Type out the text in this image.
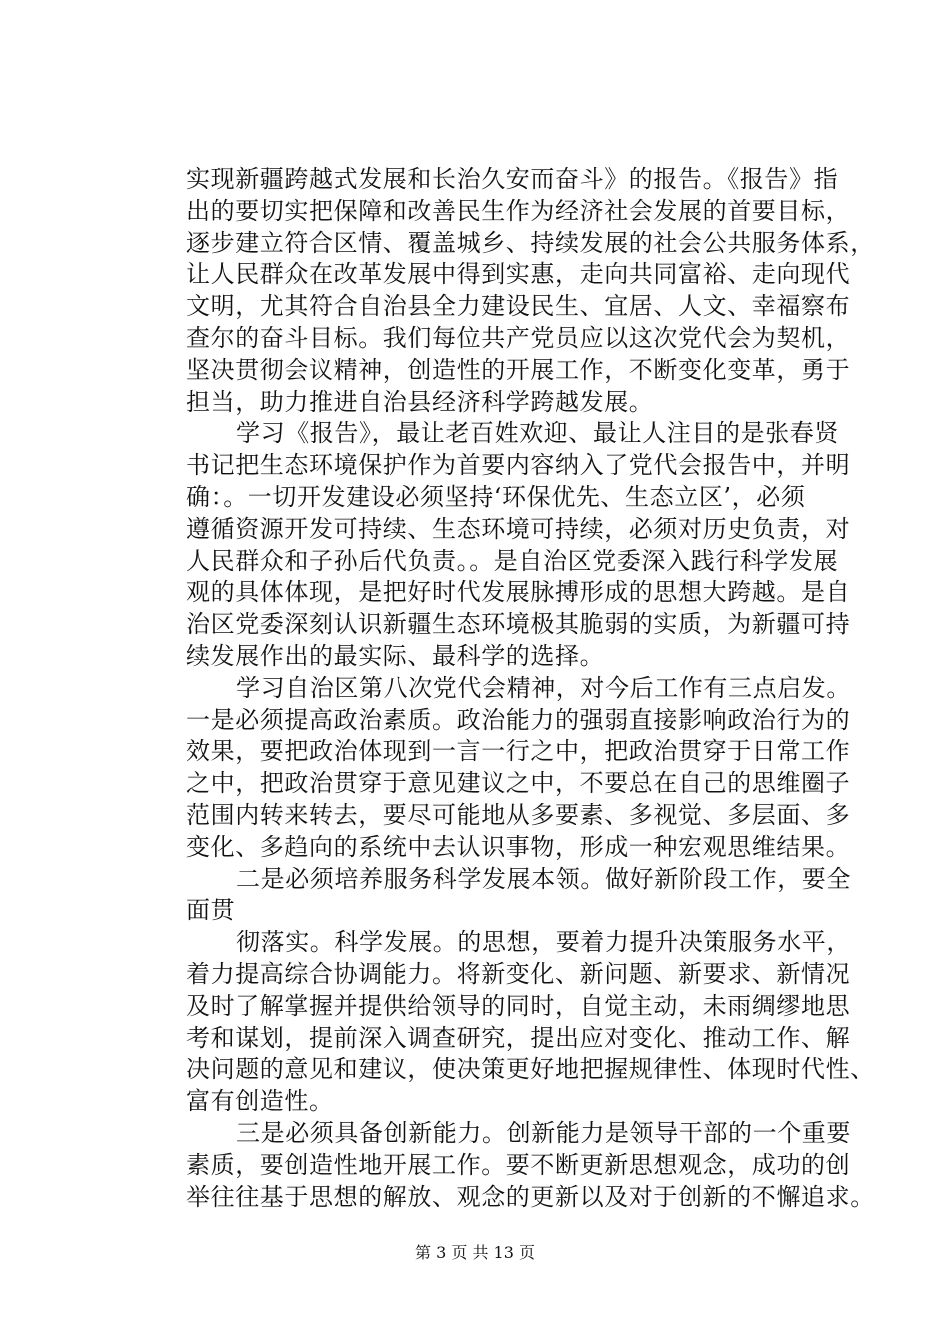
实现新疆跨越式发展和长治久安而奋斗》的报告。《报告》指
出的要切实把保障和改善民生作为经济社会发展的首要目标，
逐步建立符合区情、覆盖城乡、持续发展的社会公共服务体系，
让人民群众在改革发展中得到实惠，走向共同富裕、走向现代
文明，尤其符合自治县全力建设民生、宜居、人文、幸福察布
查尔的奋斗目标。我们每位共产党员应以这次党代会为契机，
坚决贯彻会议精神，创造性的开展工作，不断变化变革，勇于
担当，助力推进自治县经济科学跨越发展。
学习《报告》，最让老百姓欢迎、最让人注目的是张春贤
书记把生态环境保护作为首要内容纳入了党代会报告中，并明
确：。一切开发建设必须坚持‘环保优先、生态立区’，必须
遵循资源开发可持续、生态环境可持续，必须对历史负责，对
人民群众和子孙后代负责。。是自治区党委深入践行科学发展
观的具体体现，是把好时代发展脉搏形成的思想大跨越。是自
治区党委深刻认识新疆生态环境极其脆弱的实质，为新疆可持
续发展作出的最实际、最科学的选择。
学习自治区第八次党代会精神，对今后工作有三点启发。
一是必须提高政治素质。政治能力的强弱直接影响政治行为的
效果，要把政治体现到一言一行之中，把政治贯穿于日常工作
之中，把政治贯穿于意见建议之中，不要总在自己的思维圈子
范围内转来转去，要尽可能地从多要素、多视觉、多层面、多
变化、多趋向的系统中去认识事物，形成一种宏观思维结果。
二是必须培养服务科学发展本领。做好新阶段工作，要全
面贯
彻落实。科学发展。的思想，要着力提升决策服务水平，
着力提高综合协调能力。将新变化、新问题、新要求、新情况
及时了解掌握并提供给领导的同时，自觉主动，未雨绸缪地思
考和谋划，提前深入调查研究，提出应对变化、推动工作、解
决问题的意见和建议，使决策更好地把握规律性、体现时代性、
富有创造性。
三是必须具备创新能力。创新能力是领导干部的一个重要
素质，要创造性地开展工作。要不断更新思想观念，成功的创
举往往基于思想的解放、观念的更新以及对于创新的不懈追求。
第 3 页 共 13 页
